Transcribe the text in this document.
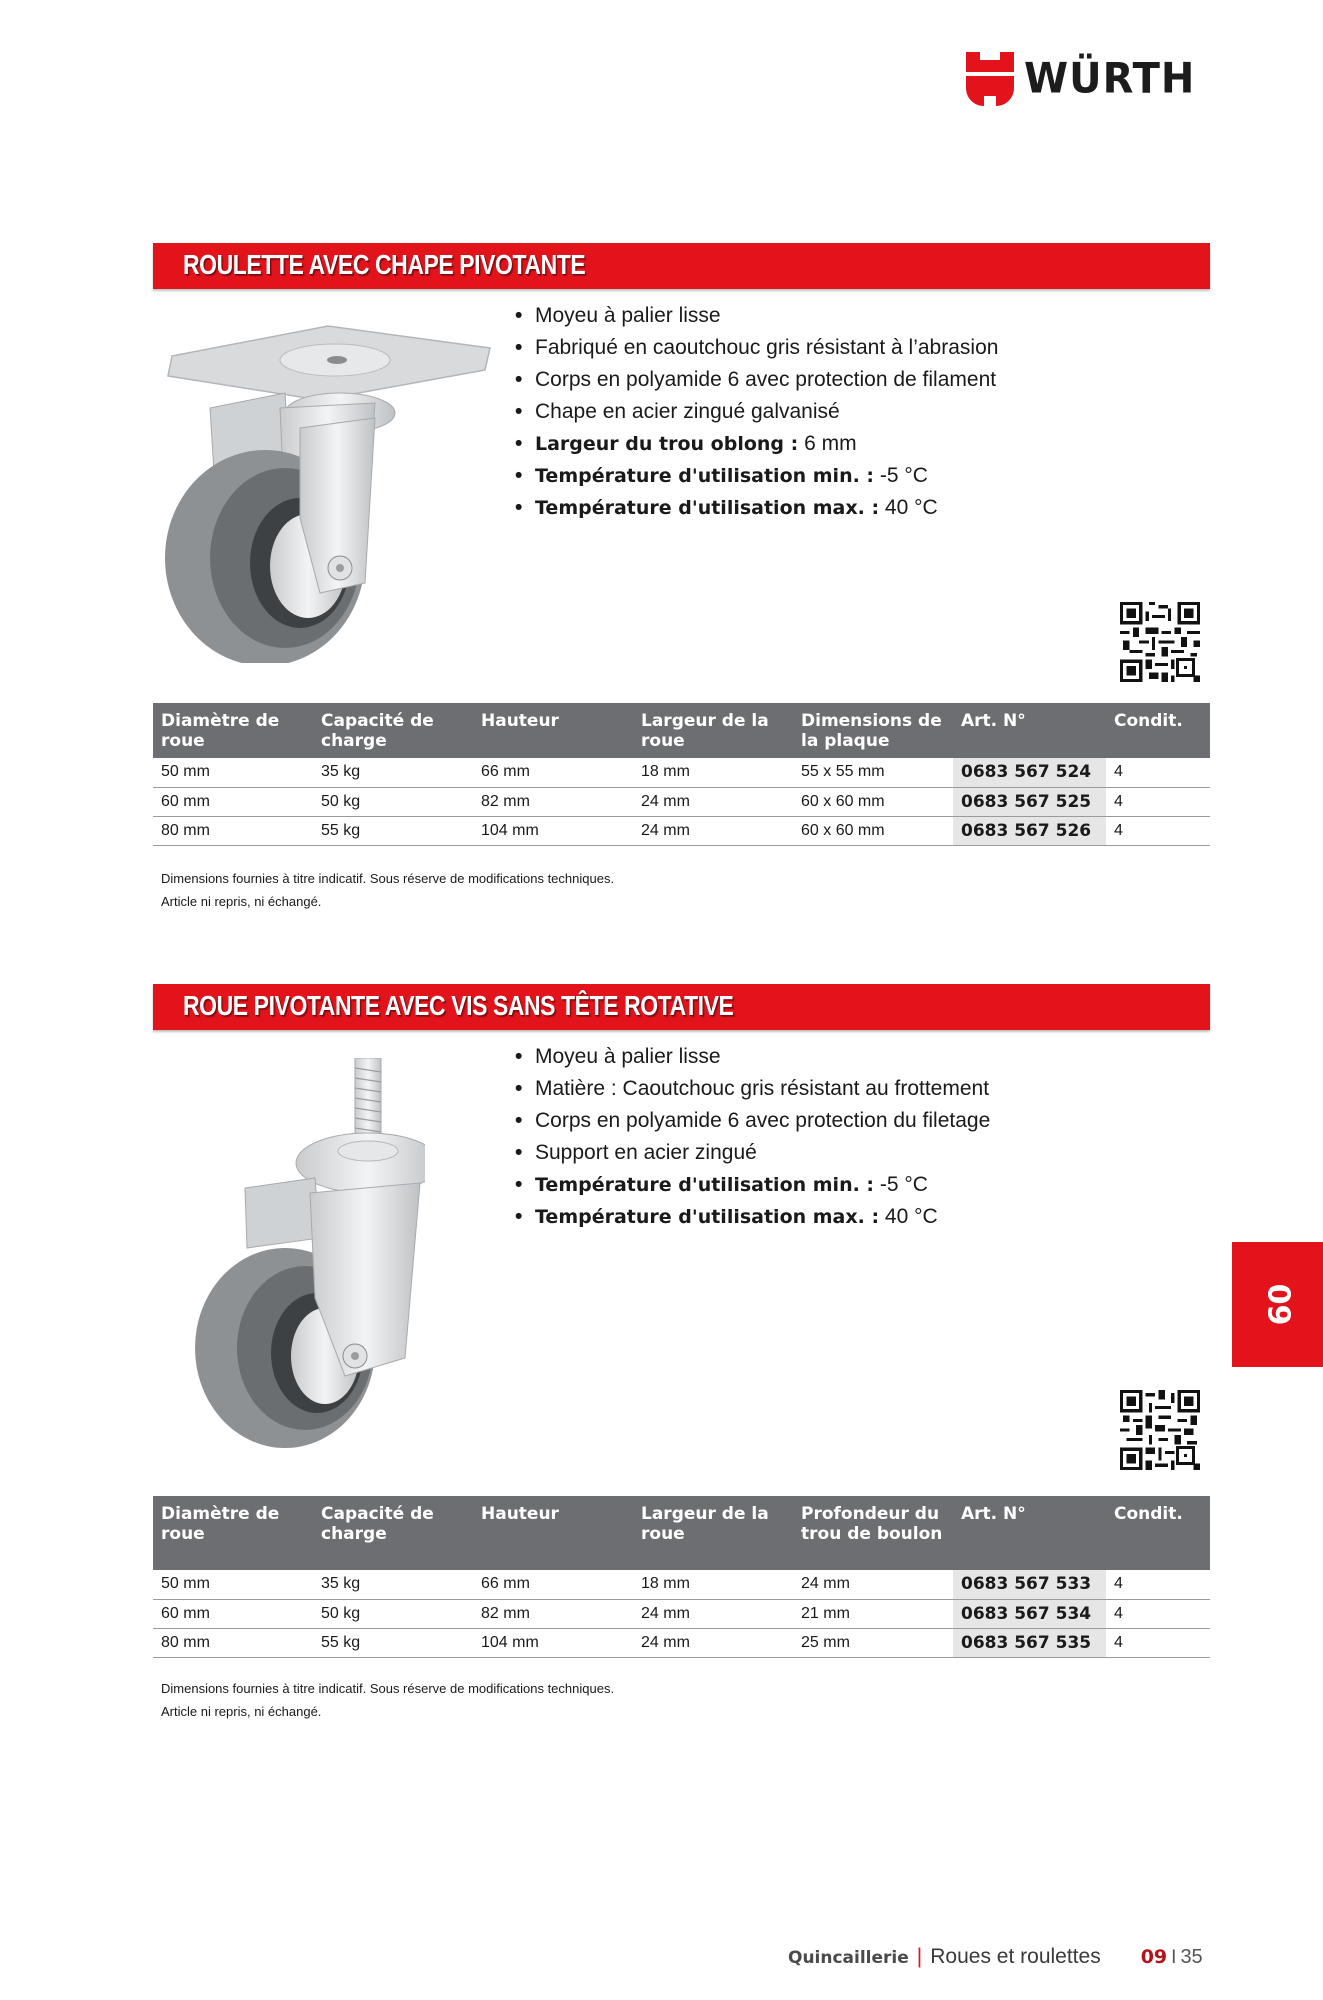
WÜRTH
ROULETTE AVEC CHAPE PIVOTANTE
• Moyeu à palier lisse
• Fabriqué en caoutchouc gris résistant à l’abrasion
• Corps en polyamide 6 avec protection de filament
• Chape en acier zingué galvanisé
• Largeur du trou oblong : 6 mm
• Température d'utilisation min. : -5 °C
• Température d'utilisation max. : 40 °C
Diamètre de roue	Capacité de charge	Hauteur	Largeur de la roue	Dimensions de la plaque	Art. N°	Condit.
50 mm	35 kg	66 mm	18 mm	55 x 55 mm	0683 567 524	4
60 mm	50 kg	82 mm	24 mm	60 x 60 mm	0683 567 525	4
80 mm	55 kg	104 mm	24 mm	60 x 60 mm	0683 567 526	4
Dimensions fournies à titre indicatif. Sous réserve de modifications techniques.
Article ni repris, ni échangé.
ROUE PIVOTANTE AVEC VIS SANS TÊTE ROTATIVE
• Moyeu à palier lisse
• Matière : Caoutchouc gris résistant au frottement
• Corps en polyamide 6 avec protection du filetage
• Support en acier zingué
• Température d'utilisation min. : -5 °C
• Température d'utilisation max. : 40 °C
Diamètre de roue	Capacité de charge	Hauteur	Largeur de la roue	Profondeur du trou de boulon	Art. N°	Condit.
50 mm	35 kg	66 mm	18 mm	24 mm	0683 567 533	4
60 mm	50 kg	82 mm	24 mm	21 mm	0683 567 534	4
80 mm	55 kg	104 mm	24 mm	25 mm	0683 567 535	4
Dimensions fournies à titre indicatif. Sous réserve de modifications techniques.
Article ni repris, ni échangé.
09
Quincaillerie | Roues et roulettes 09 I 35
